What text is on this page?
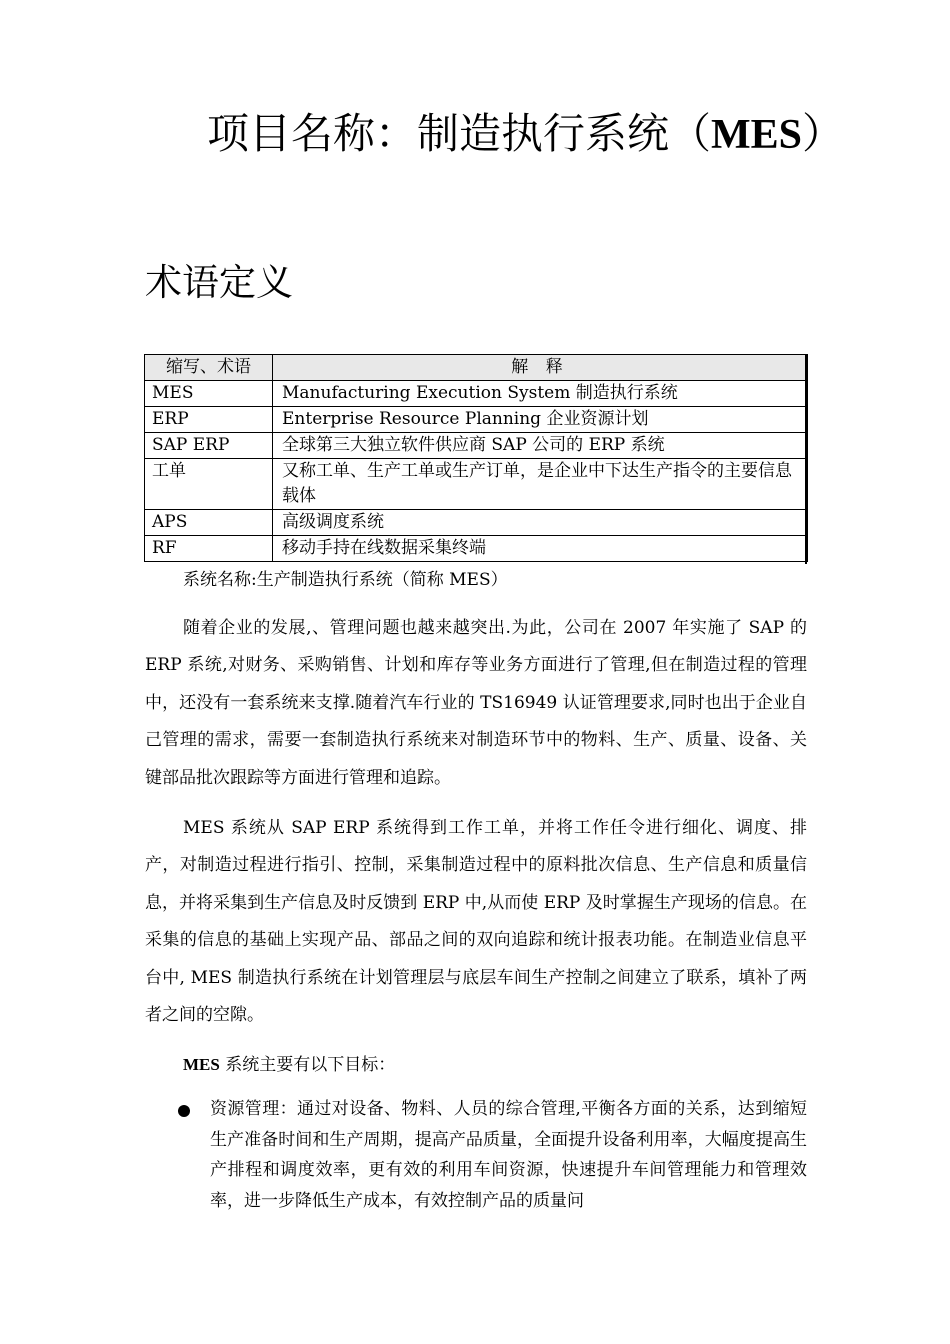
项目名称：制造执行系统（MES）
术语定义
缩写、术语	解 释
MES	Manufacturing Execution System 制造执行系统
ERP	Enterprise Resource Planning 企业资源计划
SAP ERP	全球第三大独立软件供应商 SAP 公司的 ERP 系统
工单	又称工单、生产工单或生产订单，是企业中下达生产指令的主要信息载体
APS	高级调度系统
RF	移动手持在线数据采集终端
系统名称:生产制造执行系统（简称 MES）

随着企业的发展,、管理问题也越来越突出.为此，公司在 2007 年实施了 SAP 的 ERP 系统,对财务、采购销售、计划和库存等业务方面进行了管理,但在制造过程的管理中，还没有一套系统来支撑.随着汽车行业的 TS16949 认证管理要求,同时也出于企业自己管理的需求，需要一套制造执行系统来对制造环节中的物料、生产、质量、设备、关键部品批次跟踪等方面进行管理和追踪。

MES 系统从 SAP ERP 系统得到工作工单，并将工作任令进行细化、调度、排产，对制造过程进行指引、控制，采集制造过程中的原料批次信息、生产信息和质量信息，并将采集到生产信息及时反馈到 ERP 中,从而使 ERP 及时掌握生产现场的信息。在采集的信息的基础上实现产品、部品之间的双向追踪和统计报表功能。在制造业信息平台中, MES 制造执行系统在计划管理层与底层车间生产控制之间建立了联系，填补了两者之间的空隙。

MES 系统主要有以下目标：

资源管理：通过对设备、物料、人员的综合管理,平衡各方面的关系，达到缩短生产准备时间和生产周期，提高产品质量，全面提升设备利用率，大幅度提高生产排程和调度效率，更有效的利用车间资源，快速提升车间管理能力和管理效率，进一步降低生产成本，有效控制产品的质量问
